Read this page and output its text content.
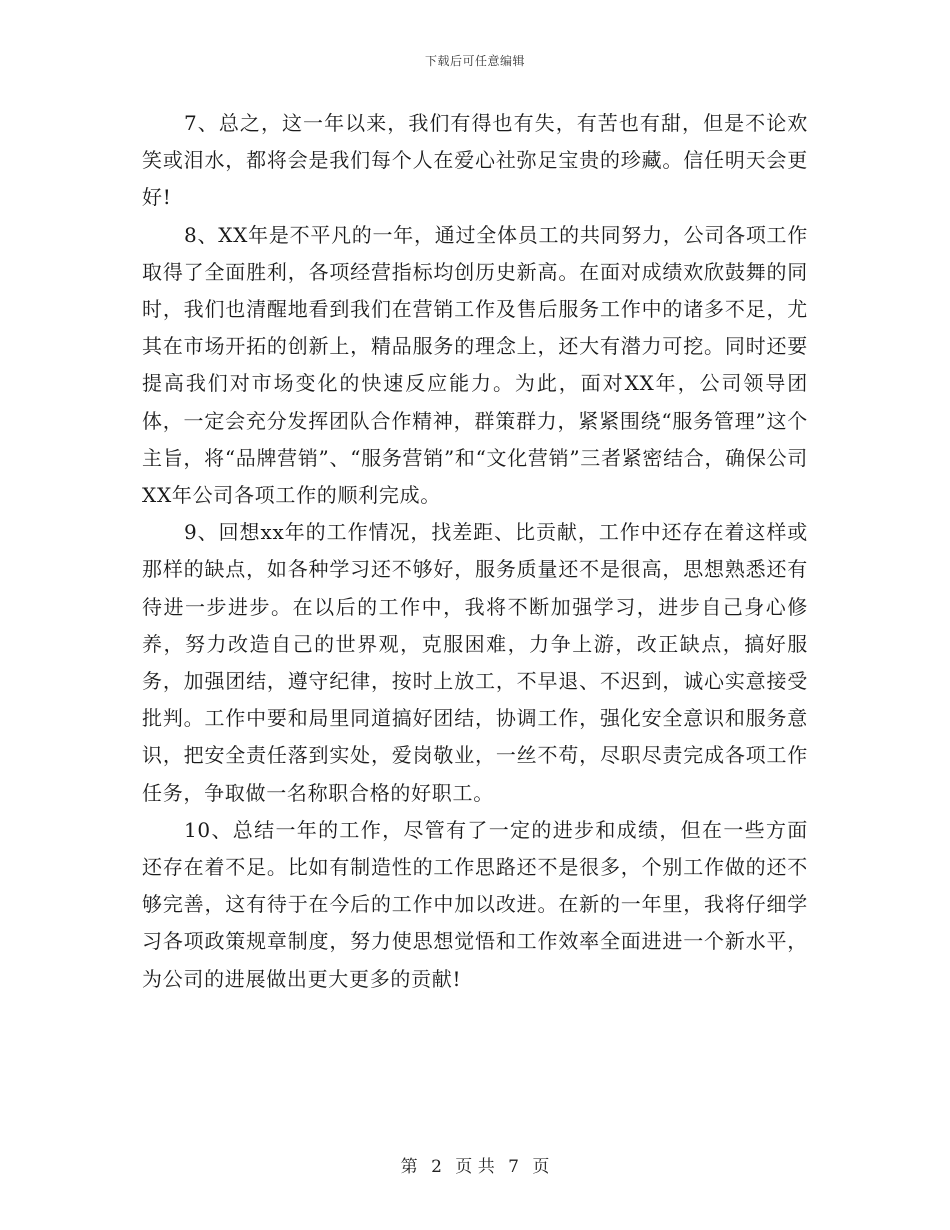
下载后可任意编辑

7、总之，这一年以来，我们有得也有失，有苦也有甜，但是不论欢笑或泪水，都将会是我们每个人在爱心社弥足宝贵的珍藏。信任明天会更好!

8、XX年是不平凡的一年，通过全体员工的共同努力，公司各项工作取得了全面胜利，各项经营指标均创历史新高。在面对成绩欢欣鼓舞的同时，我们也清醒地看到我们在营销工作及售后服务工作中的诸多不足，尤其在市场开拓的创新上，精品服务的理念上，还大有潜力可挖。同时还要提高我们对市场变化的快速反应能力。为此，面对XX年，公司领导团体，一定会充分发挥团队合作精神，群策群力，紧紧围绕“服务管理”这个主旨，将“品牌营销”、“服务营销”和“文化营销”三者紧密结合，确保公司XX年公司各项工作的顺利完成。

9、回想xx年的工作情况，找差距、比贡献，工作中还存在着这样或那样的缺点，如各种学习还不够好，服务质量还不是很高，思想熟悉还有待进一步进步。在以后的工作中，我将不断加强学习，进步自己身心修养，努力改造自己的世界观，克服困难，力争上游，改正缺点，搞好服务，加强团结，遵守纪律，按时上放工，不早退、不迟到，诚心实意接受批判。工作中要和局里同道搞好团结，协调工作，强化安全意识和服务意识，把安全责任落到实处，爱岗敬业，一丝不苟，尽职尽责完成各项工作任务，争取做一名称职合格的好职工。

10、总结一年的工作，尽管有了一定的进步和成绩，但在一些方面还存在着不足。比如有制造性的工作思路还不是很多，个别工作做的还不够完善，这有待于在今后的工作中加以改进。在新的一年里，我将仔细学习各项政策规章制度，努力使思想觉悟和工作效率全面进进一个新水平，为公司的进展做出更大更多的贡献!

第 2 页 共 7 页
